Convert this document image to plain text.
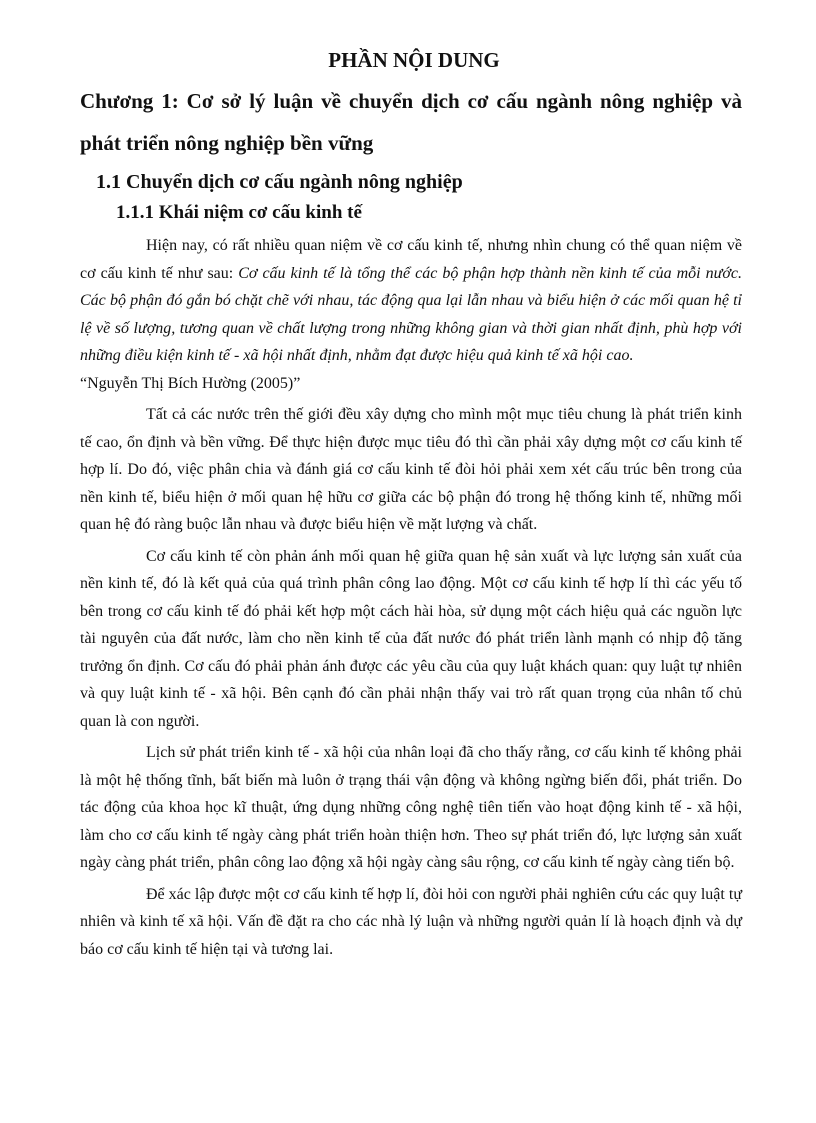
PHẦN NỘI DUNG
Chương 1: Cơ sở lý luận về chuyển dịch cơ cấu ngành nông nghiệp và phát triển nông nghiệp bền vững
1.1 Chuyển dịch cơ cấu ngành nông nghiệp
1.1.1 Khái niệm cơ cấu kinh tế

Hiện nay, có rất nhiều quan niệm về cơ cấu kinh tế, nhưng nhìn chung có thể quan niệm về cơ cấu kinh tế như sau: Cơ cấu kinh tế là tổng thể các bộ phận hợp thành nền kinh tế của mỗi nước. Các bộ phận đó gắn bó chặt chẽ với nhau, tác động qua lại lẫn nhau và biểu hiện ở các mối quan hệ tỉ lệ về số lượng, tương quan về chất lượng trong những không gian và thời gian nhất định, phù hợp với những điều kiện kinh tế - xã hội nhất định, nhằm đạt được hiệu quả kinh tế xã hội cao.

“Nguyễn Thị Bích Hường (2005)”

Tất cả các nước trên thế giới đều xây dựng cho mình một mục tiêu chung là phát triển kinh tế cao, ổn định và bền vững. Để thực hiện được mục tiêu đó thì cần phải xây dựng một cơ cấu kinh tế hợp lí. Do đó, việc phân chia và đánh giá cơ cấu kinh tế đòi hỏi phải xem xét cấu trúc bên trong của nền kinh tế, biểu hiện ở mối quan hệ hữu cơ giữa các bộ phận đó trong hệ thống kinh tế, những mối quan hệ đó ràng buộc lẫn nhau và được biểu hiện về mặt lượng và chất.

Cơ cấu kinh tế còn phản ánh mối quan hệ giữa quan hệ sản xuất và lực lượng sản xuất của nền kinh tế, đó là kết quả của quá trình phân công lao động. Một cơ cấu kinh tế hợp lí thì các yếu tố bên trong cơ cấu kinh tế đó phải kết hợp một cách hài hòa, sử dụng một cách hiệu quả các nguồn lực tài nguyên của đất nước, làm cho nền kinh tế của đất nước đó phát triển lành mạnh có nhịp độ tăng trưởng ổn định. Cơ cấu đó phải phản ánh được các yêu cầu của quy luật khách quan: quy luật tự nhiên và quy luật kinh tế - xã hội. Bên cạnh đó cần phải nhận thấy vai trò rất quan trọng của nhân tố chủ quan là con người.

Lịch sử phát triển kinh tế - xã hội của nhân loại đã cho thấy rằng, cơ cấu kinh tế không phải là một hệ thống tĩnh, bất biến mà luôn ở trạng thái vận động và không ngừng biến đổi, phát triển. Do tác động của khoa học kĩ thuật, ứng dụng những công nghệ tiên tiến vào hoạt động kinh tế - xã hội, làm cho cơ cấu kinh tế ngày càng phát triển hoàn thiện hơn. Theo sự phát triển đó, lực lượng sản xuất ngày càng phát triển, phân công lao động xã hội ngày càng sâu rộng, cơ cấu kinh tế ngày càng tiến bộ.

Để xác lập được một cơ cấu kinh tế hợp lí, đòi hỏi con người phải nghiên cứu các quy luật tự nhiên và kinh tế xã hội. Vấn đề đặt ra cho các nhà lý luận và những người quản lí là hoạch định và dự báo cơ cấu kinh tế hiện tại và tương lai.
